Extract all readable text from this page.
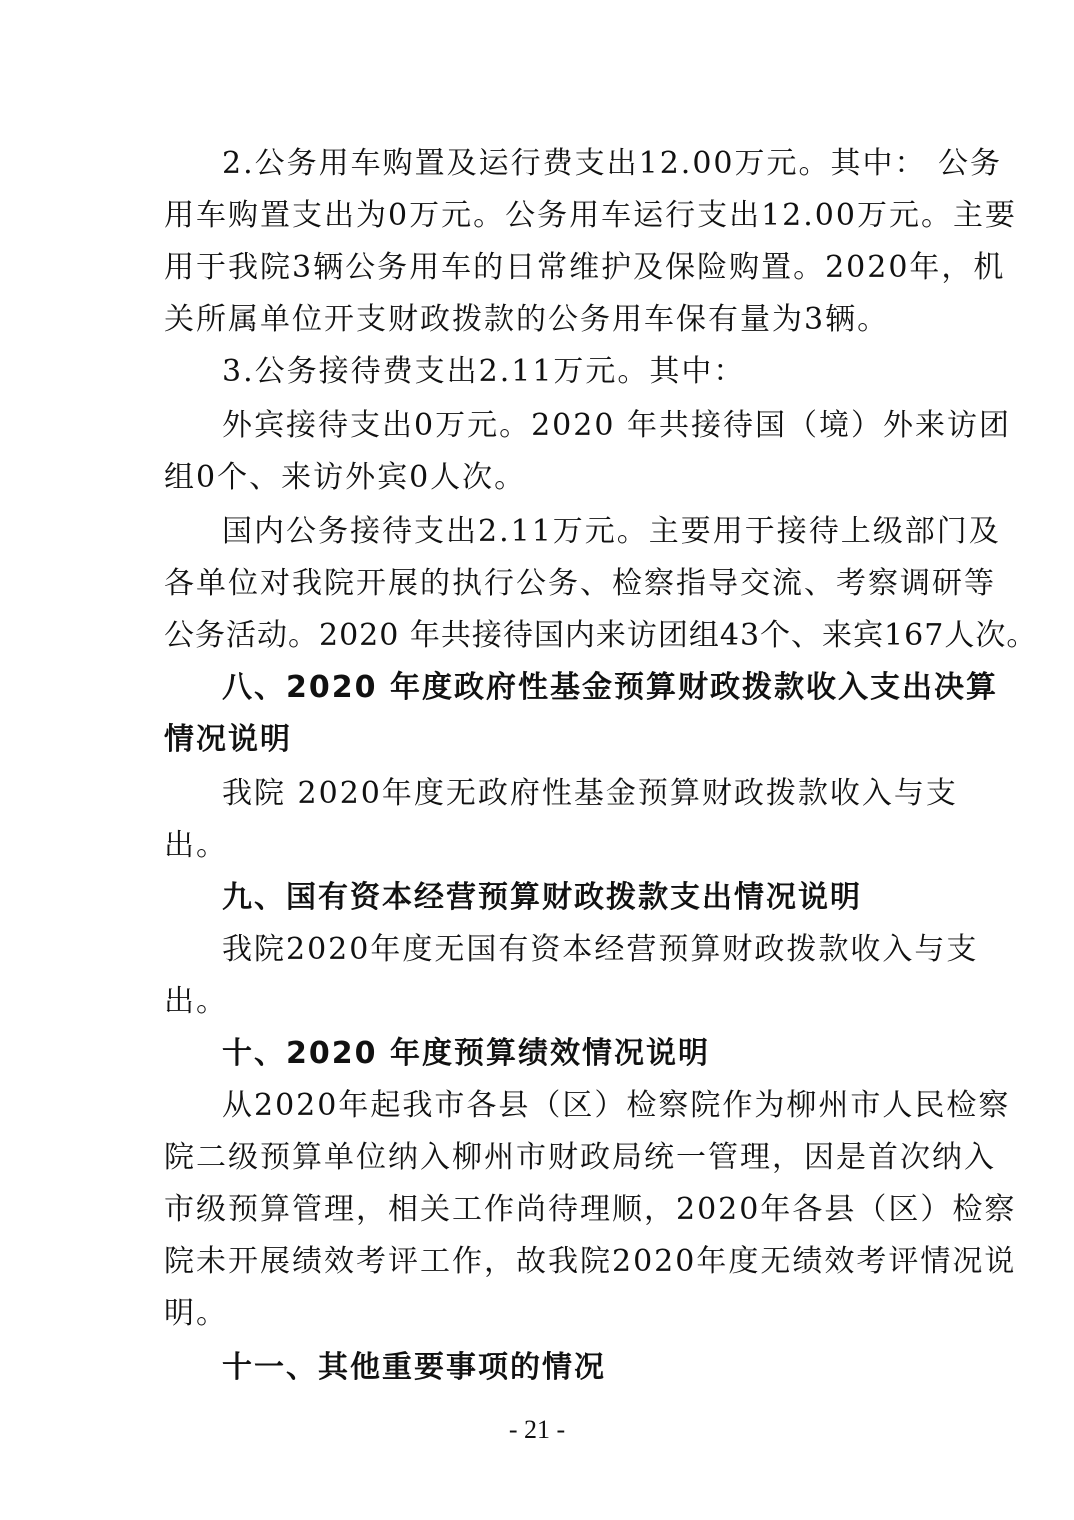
2.公务用车购置及运行费支出12.00万元。其中： 公务
用车购置支出为0万元。公务用车运行支出12.00万元。主要
用于我院3辆公务用车的日常维护及保险购置。2020年，机
关所属单位开支财政拨款的公务用车保有量为3辆。
3.公务接待费支出2.11万元。其中：
外宾接待支出0万元。2020 年共接待国（境）外来访团
组0个、来访外宾0人次。
国内公务接待支出2.11万元。主要用于接待上级部门及
各单位对我院开展的执行公务、检察指导交流、考察调研等
公务活动。2020 年共接待国内来访团组43个、来宾167人次。
八、2020 年度政府性基金预算财政拨款收入支出决算
情况说明
我院 2020年度无政府性基金预算财政拨款收入与支
出。
九、国有资本经营预算财政拨款支出情况说明
我院2020年度无国有资本经营预算财政拨款收入与支
出。
十、2020 年度预算绩效情况说明
从2020年起我市各县（区）检察院作为柳州市人民检察
院二级预算单位纳入柳州市财政局统一管理，因是首次纳入
市级预算管理，相关工作尚待理顺，2020年各县（区）检察
院未开展绩效考评工作，故我院2020年度无绩效考评情况说
明。
十一、其他重要事项的情况
- 21 -
